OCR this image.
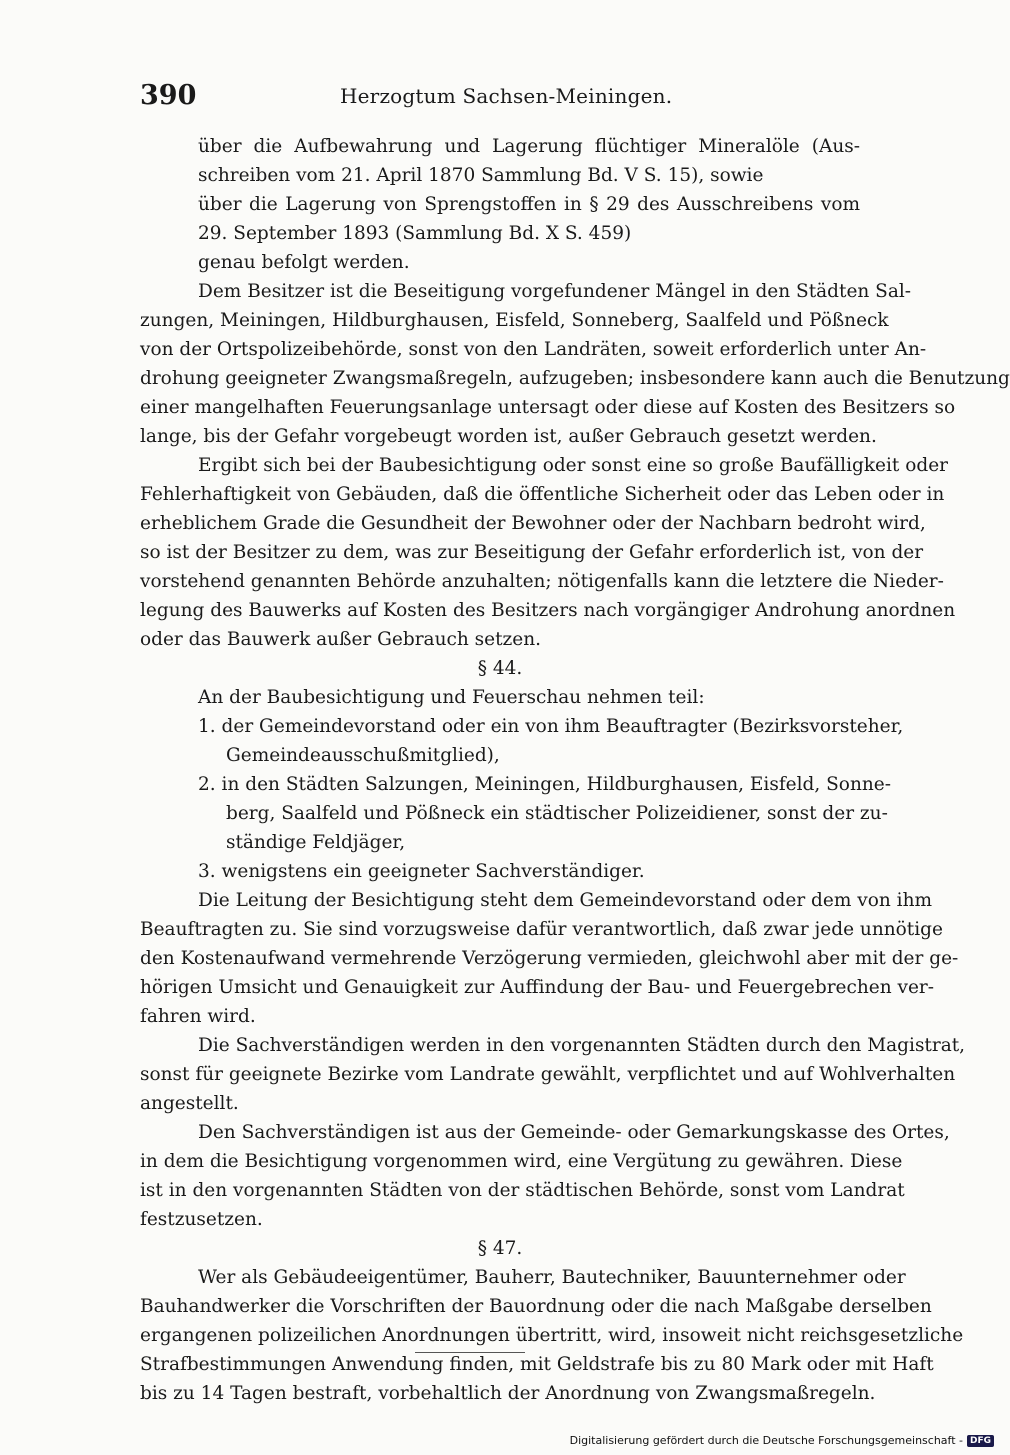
390	Herzogtum Sachsen-Meiningen.
über die Aufbewahrung und Lagerung flüchtiger Mineralöle (Aus-
schreiben vom 21. April 1870 Sammlung Bd. V S. 15), sowie
über die Lagerung von Sprengstoffen in § 29 des Ausschreibens vom
29. September 1893 (Sammlung Bd. X S. 459)
genau befolgt werden.
Dem Besitzer ist die Beseitigung vorgefundener Mängel in den Städten Sal-
zungen, Meiningen, Hildburghausen, Eisfeld, Sonneberg, Saalfeld und Pößneck
von der Ortspolizeibehörde, sonst von den Landräten, soweit erforderlich unter An-
drohung geeigneter Zwangsmaßregeln, aufzugeben; insbesondere kann auch die Benutzung
einer mangelhaften Feuerungsanlage untersagt oder diese auf Kosten des Besitzers so
lange, bis der Gefahr vorgebeugt worden ist, außer Gebrauch gesetzt werden.
Ergibt sich bei der Baubesichtigung oder sonst eine so große Baufälligkeit oder
Fehlerhaftigkeit von Gebäuden, daß die öffentliche Sicherheit oder das Leben oder in
erheblichem Grade die Gesundheit der Bewohner oder der Nachbarn bedroht wird,
so ist der Besitzer zu dem, was zur Beseitigung der Gefahr erforderlich ist, von der
vorstehend genannten Behörde anzuhalten; nötigenfalls kann die letztere die Nieder-
legung des Bauwerks auf Kosten des Besitzers nach vorgängiger Androhung anordnen
oder das Bauwerk außer Gebrauch setzen.
§ 44.
An der Baubesichtigung und Feuerschau nehmen teil:
1. der Gemeindevorstand oder ein von ihm Beauftragter (Bezirksvorsteher,
Gemeindeausschußmitglied),
2. in den Städten Salzungen, Meiningen, Hildburghausen, Eisfeld, Sonne-
berg, Saalfeld und Pößneck ein städtischer Polizeidiener, sonst der zu-
ständige Feldjäger,
3. wenigstens ein geeigneter Sachverständiger.
Die Leitung der Besichtigung steht dem Gemeindevorstand oder dem von ihm
Beauftragten zu. Sie sind vorzugsweise dafür verantwortlich, daß zwar jede unnötige
den Kostenaufwand vermehrende Verzögerung vermieden, gleichwohl aber mit der ge-
hörigen Umsicht und Genauigkeit zur Auffindung der Bau- und Feuergebrechen ver-
fahren wird.
Die Sachverständigen werden in den vorgenannten Städten durch den Magistrat,
sonst für geeignete Bezirke vom Landrate gewählt, verpflichtet und auf Wohlverhalten
angestellt.
Den Sachverständigen ist aus der Gemeinde- oder Gemarkungskasse des Ortes,
in dem die Besichtigung vorgenommen wird, eine Vergütung zu gewähren. Diese
ist in den vorgenannten Städten von der städtischen Behörde, sonst vom Landrat
festzusetzen.
§ 47.
Wer als Gebäudeeigentümer, Bauherr, Bautechniker, Bauunternehmer oder
Bauhandwerker die Vorschriften der Bauordnung oder die nach Maßgabe derselben
ergangenen polizeilichen Anordnungen übertritt, wird, insoweit nicht reichsgesetzliche
Strafbestimmungen Anwendung finden, mit Geldstrafe bis zu 80 Mark oder mit Haft
bis zu 14 Tagen bestraft, vorbehaltlich der Anordnung von Zwangsmaßregeln.
Digitalisierung gefördert durch die Deutsche Forschungsgemeinschaft - DFG
